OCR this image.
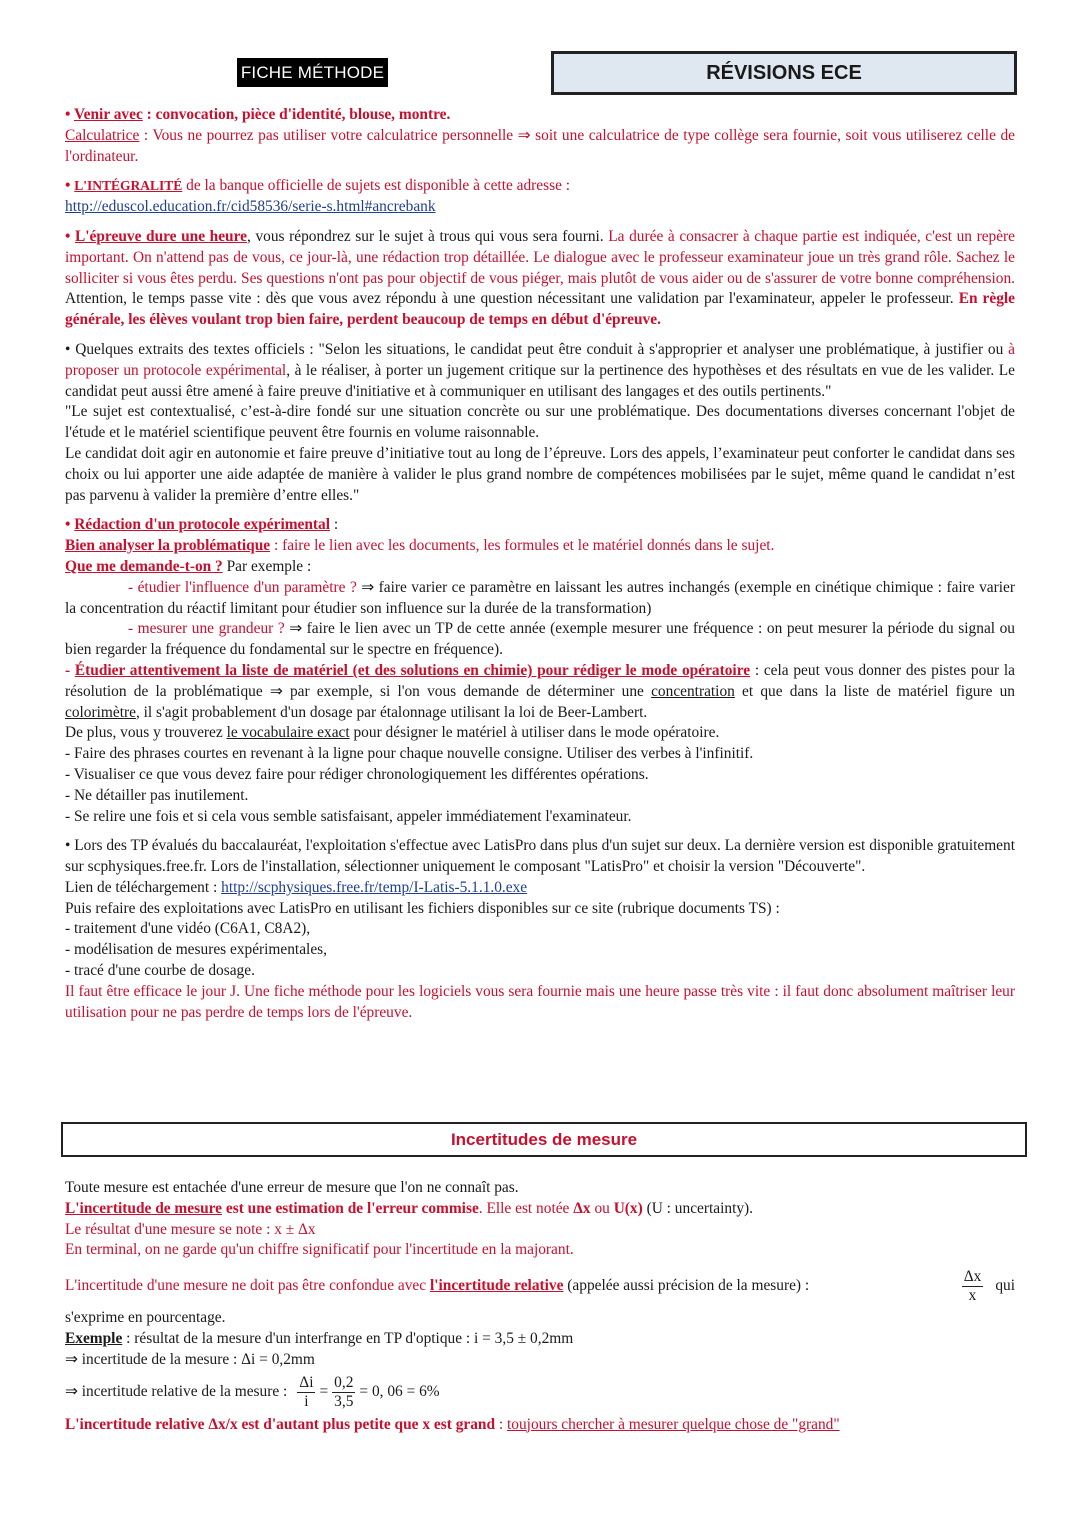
FICHE MÉTHODE	RÉVISIONS ECE

• Venir avec : convocation, pièce d'identité, blouse, montre.

Calculatrice : Vous ne pourrez pas utiliser votre calculatrice personnelle ⇒ soit une calculatrice de type collège sera fournie, soit vous utiliserez celle de l'ordinateur.

• L'INTÉGRALITÉ de la banque officielle de sujets est disponible à cette adresse :

http://eduscol.education.fr/cid58536/serie-s.html#ancrebank

• L'épreuve dure une heure, vous répondrez sur le sujet à trous qui vous sera fourni. La durée à consacrer à chaque partie est indiquée, c'est un repère important. On n'attend pas de vous, ce jour-là, une rédaction trop détaillée. Le dialogue avec le professeur examinateur joue un très grand rôle. Sachez le solliciter si vous êtes perdu. Ses questions n'ont pas pour objectif de vous piéger, mais plutôt de vous aider ou de s'assurer de votre bonne compréhension. Attention, le temps passe vite : dès que vous avez répondu à une question nécessitant une validation par l'examinateur, appeler le professeur. En règle générale, les élèves voulant trop bien faire, perdent beaucoup de temps en début d'épreuve.

• Quelques extraits des textes officiels : "Selon les situations, le candidat peut être conduit à s'approprier et analyser une problématique, à justifier ou à proposer un protocole expérimental, à le réaliser, à porter un jugement critique sur la pertinence des hypothèses et des résultats en vue de les valider. Le candidat peut aussi être amené à faire preuve d'initiative et à communiquer en utilisant des langages et des outils pertinents."

"Le sujet est contextualisé, c’est-à-dire fondé sur une situation concrète ou sur une problématique. Des documentations diverses concernant l'objet de l'étude et le matériel scientifique peuvent être fournis en volume raisonnable.

Le candidat doit agir en autonomie et faire preuve d’initiative tout au long de l’épreuve. Lors des appels, l’examinateur peut conforter le candidat dans ses choix ou lui apporter une aide adaptée de manière à valider le plus grand nombre de compétences mobilisées par le sujet, même quand le candidat n’est pas parvenu à valider la première d’entre elles."

• Rédaction d'un protocole expérimental :

Bien analyser la problématique : faire le lien avec les documents, les formules et le matériel donnés dans le sujet.

Que me demande-t-on ? Par exemple :

- étudier l'influence d'un paramètre ? ⇒ faire varier ce paramètre en laissant les autres inchangés (exemple en cinétique chimique : faire varier la concentration du réactif limitant pour étudier son influence sur la durée de la transformation)

- mesurer une grandeur ? ⇒ faire le lien avec un TP de cette année (exemple mesurer une fréquence : on peut mesurer la période du signal ou bien regarder la fréquence du fondamental sur le spectre en fréquence).

- Étudier attentivement la liste de matériel (et des solutions en chimie) pour rédiger le mode opératoire : cela peut vous donner des pistes pour la résolution de la problématique ⇒ par exemple, si l'on vous demande de déterminer une concentration et que dans la liste de matériel figure un colorimètre, il s'agit probablement d'un dosage par étalonnage utilisant la loi de Beer-Lambert.

De plus, vous y trouverez le vocabulaire exact pour désigner le matériel à utiliser dans le mode opératoire.

- Faire des phrases courtes en revenant à la ligne pour chaque nouvelle consigne. Utiliser des verbes à l'infinitif.

- Visualiser ce que vous devez faire pour rédiger chronologiquement les différentes opérations.

- Ne détailler pas inutilement.

- Se relire une fois et si cela vous semble satisfaisant, appeler immédiatement l'examinateur.

• Lors des TP évalués du baccalauréat, l'exploitation s'effectue avec LatisPro dans plus d'un sujet sur deux. La dernière version est disponible gratuitement sur scphysiques.free.fr. Lors de l'installation, sélectionner uniquement le composant "LatisPro" et choisir la version "Découverte".

Lien de téléchargement : http://scphysiques.free.fr/temp/I-Latis-5.1.1.0.exe

Puis refaire des exploitations avec LatisPro en utilisant les fichiers disponibles sur ce site (rubrique documents TS) :

- traitement d'une vidéo (C6A1, C8A2),

- modélisation de mesures expérimentales,

- tracé d'une courbe de dosage.

Il faut être efficace le jour J. Une fiche méthode pour les logiciels vous sera fournie mais une heure passe très vite : il faut donc absolument maîtriser leur utilisation pour ne pas perdre de temps lors de l'épreuve.

Incertitudes de mesure

Toute mesure est entachée d'une erreur de mesure que l'on ne connaît pas.

L'incertitude de mesure est une estimation de l'erreur commise. Elle est notée Δx ou U(x) (U : uncertainty).

Le résultat d'une mesure se note : x ± Δx

En terminal, on ne garde qu'un chiffre significatif pour l'incertitude en la majorant.

L'incertitude d'une mesure ne doit pas être confondue avec l'incertitude relative (appelée aussi précision de la mesure) :	$\frac{\Delta x}{x}$ qui

s'exprime en pourcentage.

Exemple : résultat de la mesure d'un interfrange en TP d'optique : i = 3,5 ± 0,2mm

⇒ incertitude de la mesure : Δi = 0,2mm

⇒ incertitude relative de la mesure : $\frac{\Delta i}{i} = \frac{0,2}{3,5} = 0$, 06 = 6%

L'incertitude relative Δx/x est d'autant plus petite que x est grand : toujours chercher à mesurer quelque chose de "grand"
